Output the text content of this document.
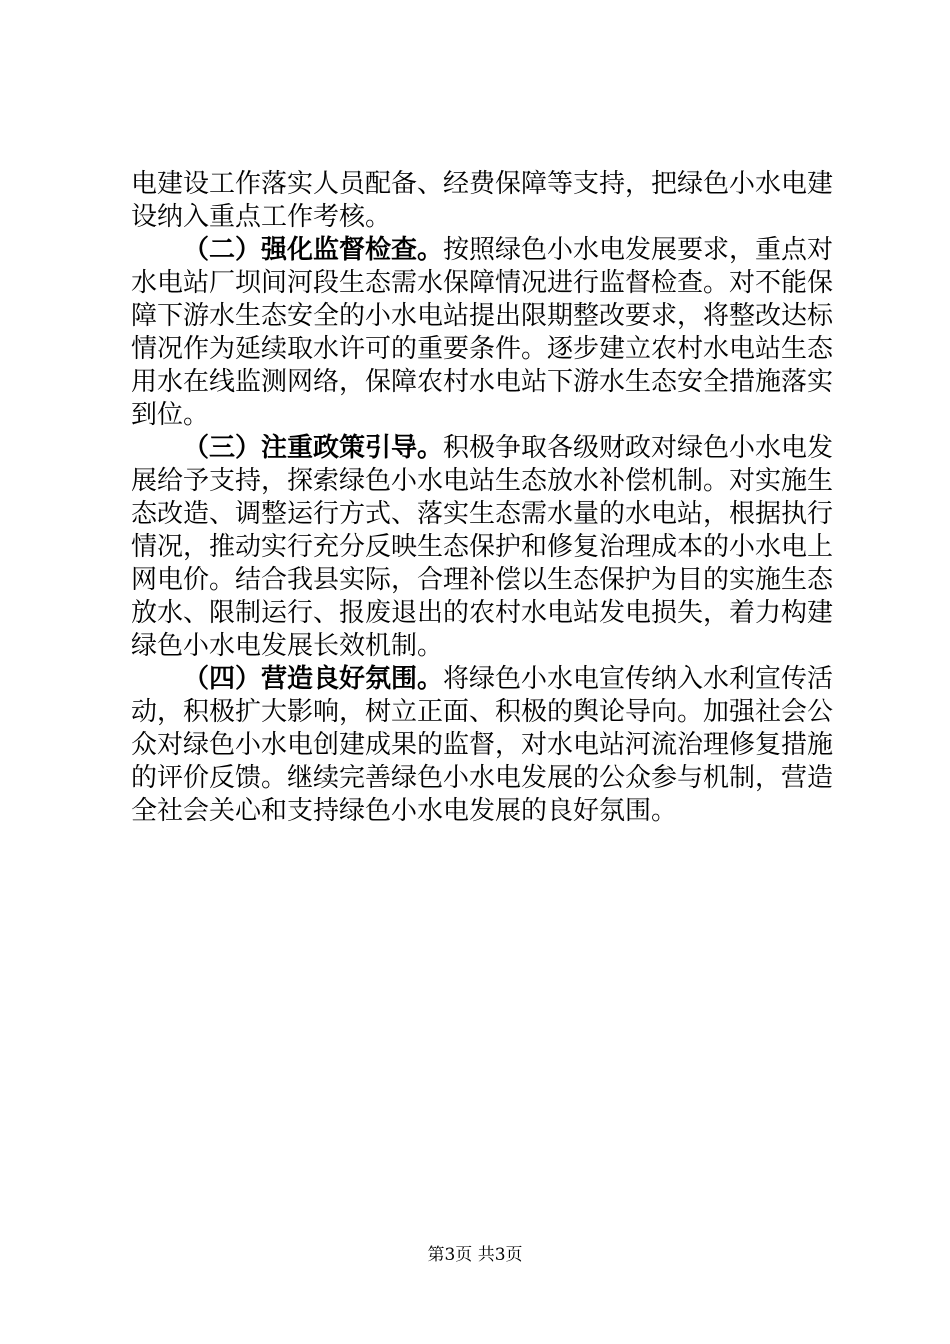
电建设工作落实人员配备、经费保障等支持，把绿色小水电建
设纳入重点工作考核。
（二）强化监督检查。按照绿色小水电发展要求，重点对
水电站厂坝间河段生态需水保障情况进行监督检查。对不能保
障下游水生态安全的小水电站提出限期整改要求，将整改达标
情况作为延续取水许可的重要条件。逐步建立农村水电站生态
用水在线监测网络，保障农村水电站下游水生态安全措施落实
到位。
（三）注重政策引导。积极争取各级财政对绿色小水电发
展给予支持，探索绿色小水电站生态放水补偿机制。对实施生
态改造、调整运行方式、落实生态需水量的水电站，根据执行
情况，推动实行充分反映生态保护和修复治理成本的小水电上
网电价。结合我县实际，合理补偿以生态保护为目的实施生态
放水、限制运行、报废退出的农村水电站发电损失，着力构建
绿色小水电发展长效机制。
（四）营造良好氛围。将绿色小水电宣传纳入水利宣传活
动，积极扩大影响，树立正面、积极的舆论导向。加强社会公
众对绿色小水电创建成果的监督，对水电站河流治理修复措施
的评价反馈。继续完善绿色小水电发展的公众参与机制，营造
全社会关心和支持绿色小水电发展的良好氛围。
第3页 共3页
